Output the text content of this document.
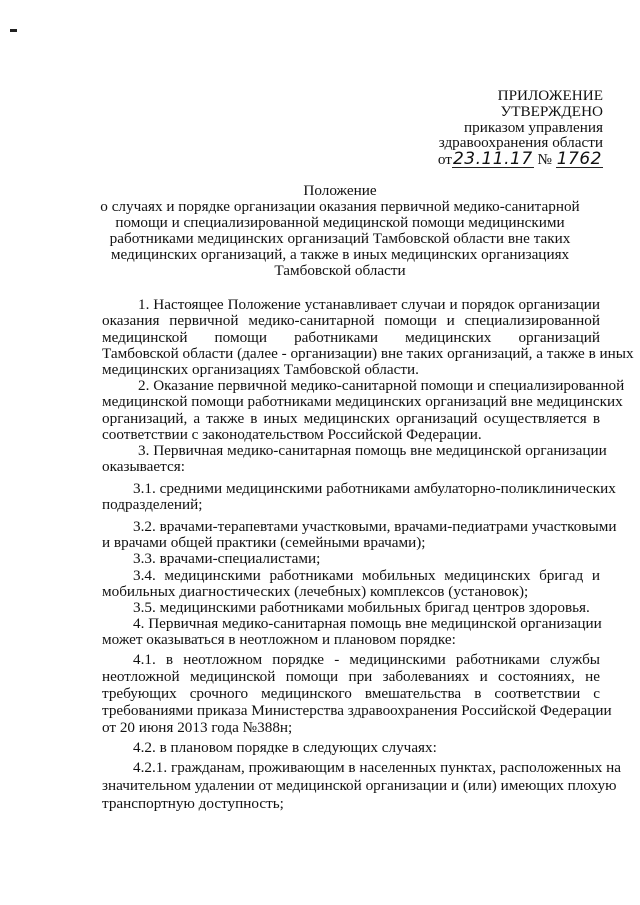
ПРИЛОЖЕНИЕ
УТВЕРЖДЕНО
приказом управления
здравоохранения области
от23.11.17 № 1762
Положение
о случаях и порядке организации оказания первичной медико-санитарной
помощи и специализированной медицинской помощи медицинскими
работниками медицинских организаций Тамбовской области вне таких
медицинских организаций, а также в иных медицинских организациях
Тамбовской области
1. Настоящее Положение устанавливает случаи и порядок организации
оказания первичной медико-санитарной помощи и специализированной
медицинской помощи работниками медицинских организаций
Тамбовской области (далее - организации) вне таких организаций, а также в иных
медицинских организациях Тамбовской области.
2. Оказание первичной медико-санитарной помощи и специализированной
медицинской помощи работниками медицинских организаций вне медицинских
организаций, а также в иных медицинских организаций осуществляется в
соответствии с законодательством Российской Федерации.
3. Первичная медико-санитарная помощь вне медицинской организации
оказывается:
3.1. средними медицинскими работниками амбулаторно-поликлинических
подразделений;
3.2. врачами-терапевтами участковыми, врачами-педиатрами участковыми
и врачами общей практики (семейными врачами);
3.3. врачами-специалистами;
3.4. медицинскими работниками мобильных медицинских бригад и
мобильных диагностических (лечебных) комплексов (установок);
3.5. медицинскими работниками мобильных бригад центров здоровья.
4. Первичная медико-санитарная помощь вне медицинской организации
может оказываться в неотложном и плановом порядке:
4.1. в неотложном порядке - медицинскими работниками службы
неотложной медицинской помощи при заболеваниях и состояниях, не
требующих срочного медицинского вмешательства в соответствии с
требованиями приказа Министерства здравоохранения Российской Федерации
от 20 июня 2013 года №388н;
4.2. в плановом порядке в следующих случаях:
4.2.1. гражданам, проживающим в населенных пунктах, расположенных на
значительном удалении от медицинской организации и (или) имеющих плохую
транспортную доступность;
